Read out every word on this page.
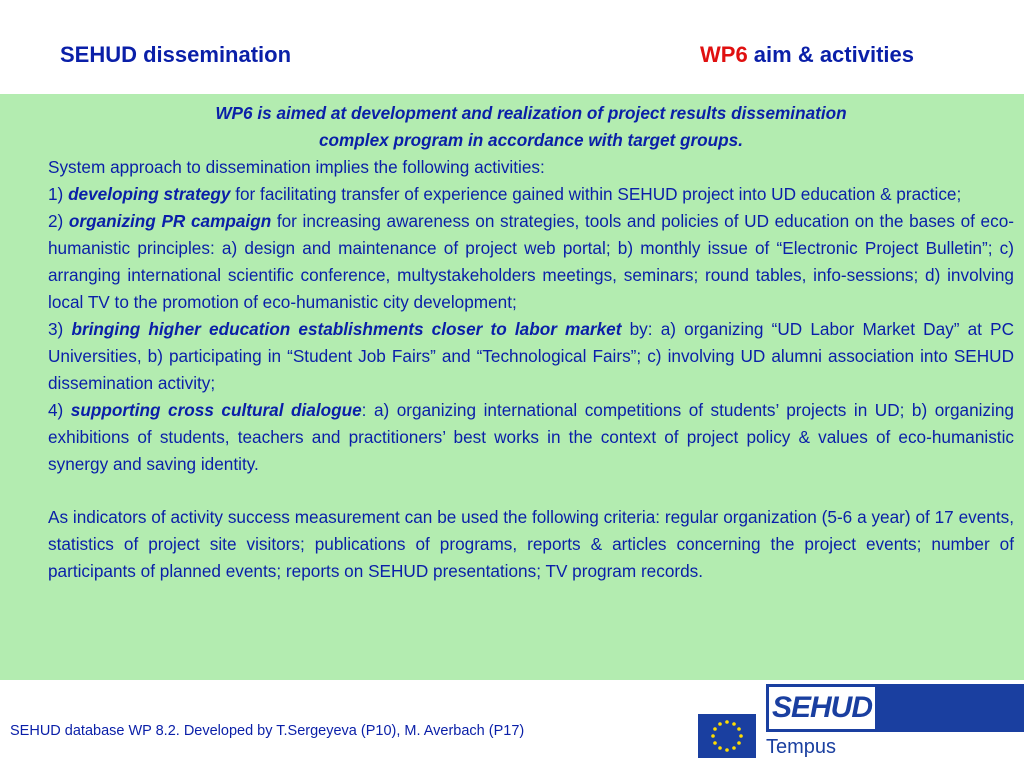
SEHUD dissemination	WP6 aim & activities
WP6 is aimed at development and realization of project results dissemination
complex program in accordance with target groups.

System approach to dissemination implies the following activities:

1) developing strategy for facilitating transfer of experience gained within SEHUD project into UD education & practice;

2) organizing PR campaign for increasing awareness on strategies, tools and policies of UD education on the bases of eco-humanistic principles: a) design and maintenance of project web portal; b) monthly issue of “Electronic Project Bulletin”; c) arranging international scientific conference, multystakeholders meetings, seminars; round tables, info-sessions; d) involving local TV to the promotion of eco-humanistic city development;

3) bringing higher education establishments closer to labor market by: a) organizing “UD Labor Market Day” at PC Universities, b) participating in “Student Job Fairs” and “Technological Fairs”; c) involving UD alumni association into SEHUD dissemination activity;

4) supporting cross cultural dialogue: a) organizing international competitions of students’ projects in UD; b) organizing exhibitions of students, teachers and practitioners’ best works in the context of project policy & values of eco-humanistic synergy and saving identity.

As indicators of activity success measurement can be used the following criteria: regular organization (5-6 a year) of 17 events, statistics of project site visitors; publications of programs, reports & articles concerning the project events; number of participants of planned events; reports on SEHUD presentations; TV program records.

SEHUD database WP 8.2. Developed by T.Sergeyeva (P10), M. Averbach (P17)
SEHUD
Tempus
